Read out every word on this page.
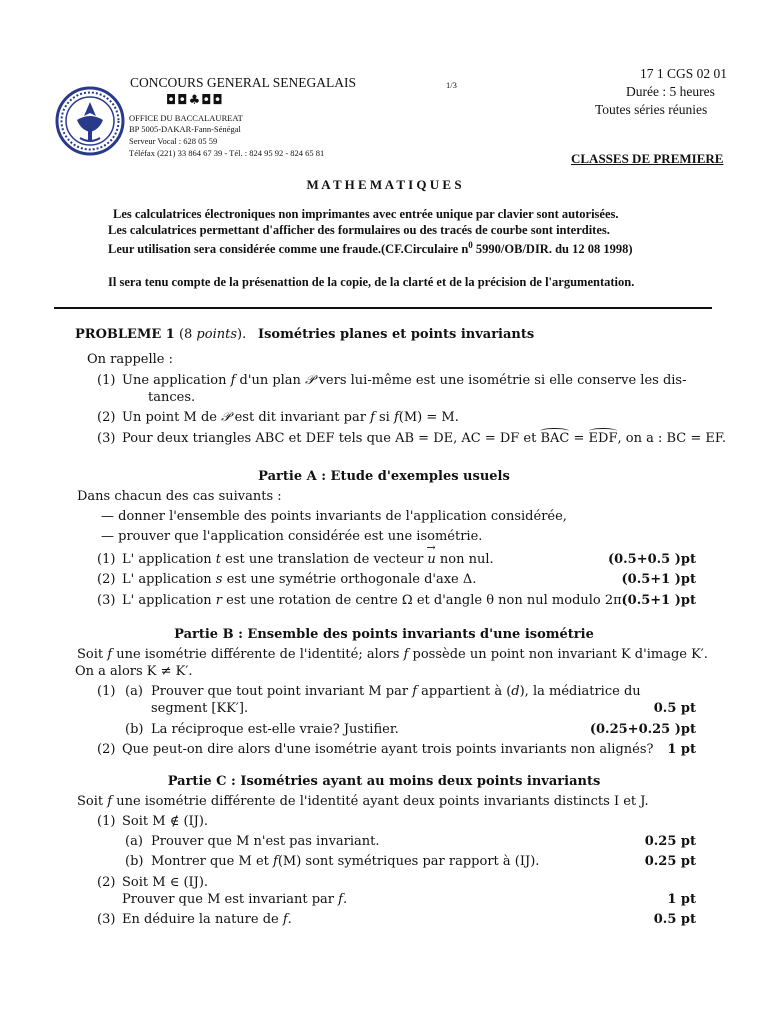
CONCOURS GENERAL SENEGALAIS
◘◘♣◘◘
1/3
17 1 CGS 02 01
Durée : 5 heures
Toutes séries réunies
OFFICE DU BACCALAUREAT
BP 5005-DAKAR-Fann-Sénégal
Serveur Vocal : 628 05 59
Téléfax (221) 33 864 67 39 - Tél. : 824 95 92 - 824 65 81	CLASSES DE PREMIERE
M A T H E M A T I Q U E S
Les calculatrices électroniques non imprimantes avec entrée unique par clavier sont autorisées.
Les calculatrices permettant d'afficher des formulaires ou des tracés de courbe sont interdites.
Leur utilisation sera considérée comme une fraude.(CF.Circulaire $n^0$ 5990/OB/DIR. du 12 08 1998)
Il sera tenu compte de la présenattion de la copie, de la clarté et de la précision de l'argumentation.
PROBLEME 1 (8 points). Isométries planes et points invariants
On rappelle :
(1) Une application f d'un plan 𝒫 vers lui-même est une isométrie si elle conserve les dis-
tances.
(2) Un point M de 𝒫 est dit invariant par f si f(M) = M.
(3) Pour deux triangles ABC et DEF tels que AB = DE, AC = DF et BAC = EDF, on a : BC = EF.
Partie A : Etude d'exemples usuels
Dans chacun des cas suivants :
— donner l'ensemble des points invariants de l'application considérée,
— prouver que l'application considérée est une isométrie.
(1) L' application t est une translation de vecteur → u non nul.	(0.5+0.5 )pt
(2) L' application s est une symétrie orthogonale d'axe Δ.	(0.5+1 )pt
(3) L' application r est une rotation de centre Ω et d'angle θ non nul modulo 2π.
(0.5+1 )pt
Partie B : Ensemble des points invariants d'une isométrie
Soit f une isométrie différente de l'identité; alors f possède un point non invariant K d'image K′.
On a alors K ≠ K′.
(1) (a) Prouver que tout point invariant M par f appartient à (d), la médiatrice du
segment [KK′].	0.5 pt
(b) La réciproque est-elle vraie? Justifier.	(0.25+0.25 )pt
(2) Que peut-on dire alors d'une isométrie ayant trois points invariants non alignés? 1 pt
Partie C : Isométries ayant au moins deux points invariants
Soit f une isométrie différente de l'identité ayant deux points invariants distincts I et J.
(1) Soit M ∉ (IJ).
(a) Prouver que M n'est pas invariant.	0.25 pt
(b) Montrer que M et f(M) sont symétriques par rapport à (IJ).	0.25 pt
(2) Soit M ∈ (IJ).
Prouver que M est invariant par f.	1 pt
(3) En déduire la nature de f.	0.5 pt
